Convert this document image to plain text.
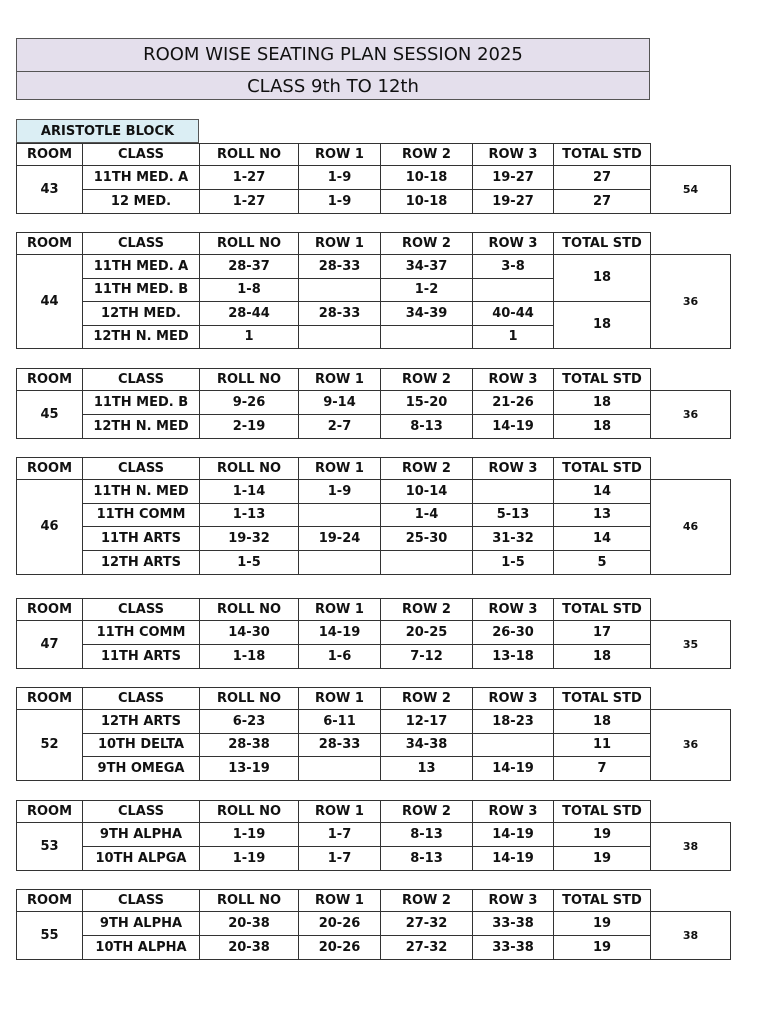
ROOM WISE SEATING PLAN SESSION 2025
CLASS 9th TO 12th
ARISTOTLE BLOCK
ROOM	CLASS	ROLL NO	ROW 1	ROW 2	ROW 3	TOTAL STD	
43	11TH MED. A	1-27	1-9	10-18	19-27	27	54
	12 MED.	1-27	1-9	10-18	19-27	27	
ROOM	CLASS	ROLL NO	ROW 1	ROW 2	ROW 3	TOTAL STD	
44	11TH MED. A	28-37	28-33	34-37	3-8	18	36
	11TH MED. B	1-8		1-2			
	12TH MED.	28-44	28-33	34-39	40-44	18	
	12TH N. MED	1			1		
ROOM	CLASS	ROLL NO	ROW 1	ROW 2	ROW 3	TOTAL STD	
45	11TH MED. B	9-26	9-14	15-20	21-26	18	36
	12TH N. MED	2-19	2-7	8-13	14-19	18	
ROOM	CLASS	ROLL NO	ROW 1	ROW 2	ROW 3	TOTAL STD	
46	11TH N. MED	1-14	1-9	10-14		14	46
	11TH COMM	1-13		1-4	5-13	13	
	11TH ARTS	19-32	19-24	25-30	31-32	14	
	12TH ARTS	1-5			1-5	5	
ROOM	CLASS	ROLL NO	ROW 1	ROW 2	ROW 3	TOTAL STD	
47	11TH COMM	14-30	14-19	20-25	26-30	17	35
	11TH ARTS	1-18	1-6	7-12	13-18	18	
ROOM	CLASS	ROLL NO	ROW 1	ROW 2	ROW 3	TOTAL STD	
52	12TH ARTS	6-23	6-11	12-17	18-23	18	36
	10TH DELTA	28-38	28-33	34-38		11	
	9TH OMEGA	13-19		13	14-19	7	
ROOM	CLASS	ROLL NO	ROW 1	ROW 2	ROW 3	TOTAL STD	
53	9TH ALPHA	1-19	1-7	8-13	14-19	19	38
	10TH ALPGA	1-19	1-7	8-13	14-19	19	
ROOM	CLASS	ROLL NO	ROW 1	ROW 2	ROW 3	TOTAL STD	
55	9TH ALPHA	20-38	20-26	27-32	33-38	19	38
	10TH ALPHA	20-38	20-26	27-32	33-38	19	
